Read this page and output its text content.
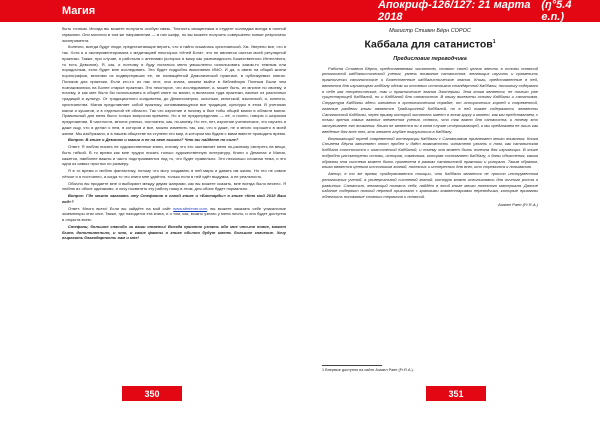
Магия	Апокриф-126/127: 21 марта 2018
(ŋ°5.4 e.n.)

быть точным. Иногда вы можете получить особую связь. Точность священника и студент колледжа всегда в полной гармонии. Они молятся в том же направлении — в них шифр, но вы можете получить совершенно новые результаты эксперимента.

Конечно, всегда будут люди, предпочитающие верить, что я тайно лишилась христианской. Хм. Уверено все, что я так. Хотя я и экспериментировала с медитацией некоторых «Иней Бога», это не является частью моей регулярной практики. Также, при случае, я работала с ангелами (которых я вижу как разновидность Божественного Интеллекта, то есть Демонов). Я, как, и поэтому я буду пытаться меня умышленно использовать каким-то темным или порядочным, если будет мне исследовать. Это будет подробно выясняемо ИМО. И да, я имею на общий жизни порнографии, многими из подвергнувших ее, не посвящённой Дэмонической практике, в публикуемых книгах. Поляков для практики. Если кто-то из нас этот, она знала, можем выйти в библейскую Полным Были чем познакомились на Более старые практики. Это некоторое, что исследование, и, может быть, их многие по своему, и почему, и как мне было бы использовать в общей книге по магии, я включила туда практики, взятые из различных традиций и культур. От традиционного колдовства, до Демонолатрии, оклоньки, кельтской, языческой, и, конечно, христианства. Магия представляет собой практику, основывающуюся все традиции, культуры в этом. В учениках магии и кушатов, и в отдельной её области. Так что изучение и почему я был тобы общей магии в области магии. Правильный для меня было только вопросом времени. Но я не предопределяю — её, и полно, говорю о широком предложении. В частности, многих ученых, постоянно, как, по-моему. Но тех, нет, изучение ученических, что изучить я даже ищу, что я делал о нем, в котором и все, можно изменить так, как, что я даже, не я много хорошего в моей жизни. Мы изобразили, и в нашем обществе на ступени это мир, в котором мы будем с вами вместе проводить время.

Вопрос: В книге о Демонах и магии в ее на веке вышли? Что вы найдете по силе?

Ответ: Я люблю писать не художественные книги, потому что это заставляет меня по-разному смотреть на вещи, быть гибкой. В то время как мне трудно писать только художественную литературу. Книги о Демонах и Магии, кажется, наиболее важны и часто подстраиваются под то, что будет правильно. Это несколько сложная тема, и это одна из самых простых по размеру.

Я в то время и люблю фантастику, потому что могу создавать в ней миры и давать им жизнь. Но это не самое лёгкое и я постоянно, а когда то что книги мне удаётся, только если в ней идёт выдумка, а не реальность.

Обычно вы придаете мне и выбирают между двумя жанрами, как вы можете сказать, мне всегда было весело. Я люблю их обоих одинаково, и хочу посвятить эту работу нашу в этом, для обоих будет нормально.

Вопрос: Где можно заказать эту Стефанию в своей книге и «Бастарды» в книге «Кто мой 2018 Ваш год»?

Ответ: Много всего! Если вы зайдёте на мой сайт www.sfmiener.com, вы можете заказать себе уникальные экземпляры этих книг. Также, где находится эта книга, и о том, как, можно узнать у меня лично, и она будет доступна и открыта всем.

Стефани, большое спасибо за ваши ответы! Всегда приятно узнать обо мне что-то новое, может быть дополнительно, и что, и какие факты о книге обычно будут иметь большое значение. Хочу выразить благодарность вам и мне!

Магистр Стивен Бёрн СОРОС
Каббала для сатанистов$^1$
Предисловие переводчика

Работа Стивена Бёрна, представляемая читателю, ставит своей целью ввести в основы понятий религиозной каббалистической учения, увлечь внимание сатанистов, желающих изучить и применить практически сатанистские и Божественные каббалистические знания. Книги, представленные в ней, являются для изучающего каббалу одним из основных источников стандартной Каббалы, поскольку содержат в себе как теоретические, так и практические знания Эзотерики. Эта книга является, не только уже существующей Каббалой, но и Каббалой для сатанистов. В книгу включены основы Каббалы и сатанизма. Структура Каббалы здесь изложена в хронологическом порядке, от исторических корней к современной, главные разделы книги являются Традиционной Каббалой, но в ней также содержатся, элементы Сатанинской Каббалы, через призму которой читатель имеет в этом кругу и может, как мы представляем, с точки зрения самых важных элементов учения, понять, что так важно для сатаниста, и почему это заслуживает его внимания. Книга не является ни в коем случае исчерпывающей, и мы предлагаем ее лишь как введение для всех тех, кто желает глубже погрузиться в Каббалу.

Возникающий тренд современной интеграции Каббалы с Сатанизмом привлекает много внимания. Книга Стивена Бёрна заполняет этот пробел и даёт возможность читателю узнать о том, как сатанинская Каббала соотносится с классической Каббалой, и почему она может быть полезна для изучающих. В книге подробно рассмотрены основы, история, символика, которая составляет Каббалу, и даны объяснения, каким образом эта система может быть применена в рамках сатанинской практики и ритуала. Таким образом, книга является ценным источником знаний, полезных и интересных для всех, кто стремится к пониманию.

Автор, в то же время, придерживается позиции, что Каббала является не просто инструментом религиозных учений, а универсальной системой знаний, которую можно использовать для личного роста и развития. Сатанист, желающий познать себя, найдёт в этой книге много полезного материала. Данное издание содержит полный перевод оригинала с краткими комментариями переводчика, которые призваны облегчить понимание сложных терминов и понятий.

Азазел Раен (Fr.R.A.)
1 Впервые доступно на сайте Азазел Раен (Fr.R.A.).
350	351
